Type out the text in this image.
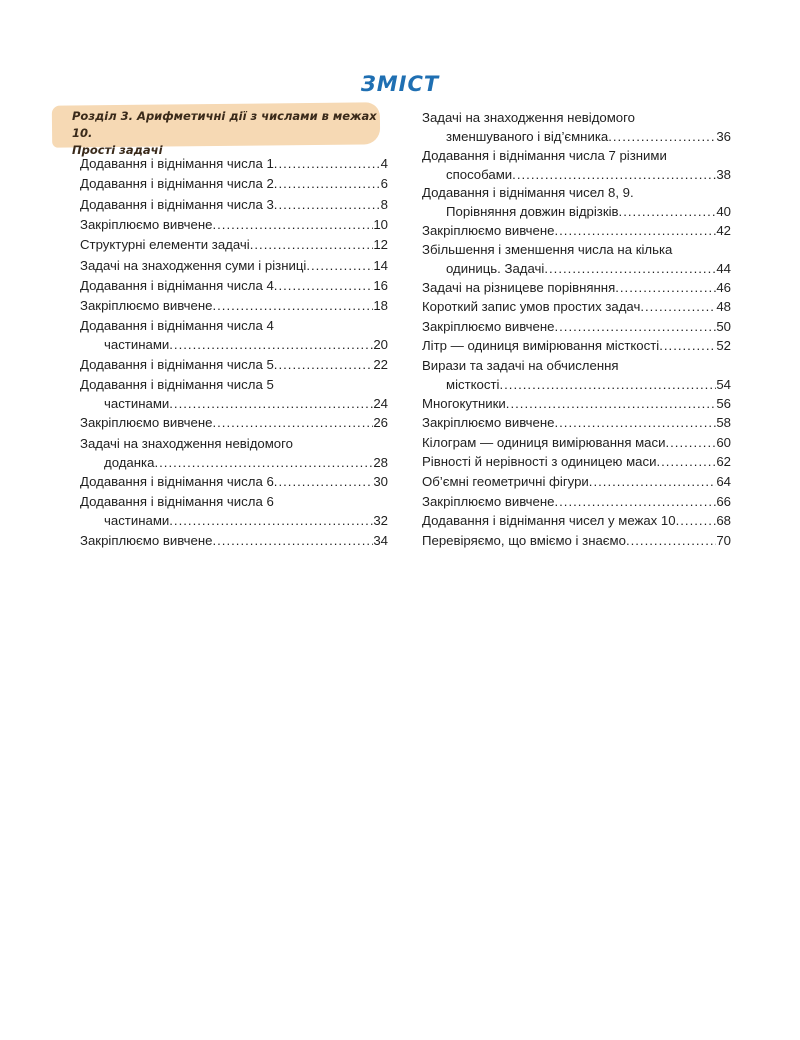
ЗМІСТ
Розділ 3. Арифметичні дії з числами в межах 10.
Прості задачі
Додавання і віднімання числа 1 .....	4
Додавання і віднімання числа 2 .....	6
Додавання і віднімання числа 3 .....	8
Закріплюємо вивчене .....	10
Структурні елементи задачі .....	12
Задачі на знаходження суми і різниці .....	14
Додавання і віднімання числа 4 .....	16
Закріплюємо вивчене .....	18
Додавання і віднімання числа 4
частинами .....	20
Додавання і віднімання числа 5 .....	22
Додавання і віднімання числа 5
частинами .....	24
Закріплюємо вивчене .....	26
Задачі на знаходження невідомого
доданка .....	28
Додавання і віднімання числа 6 .....	30
Додавання і віднімання числа 6
частинами .....	32
Закріплюємо вивчене .....	34
Задачі на знаходження невідомого
зменшуваного і від’ємника .....	36
Додавання і віднімання числа 7 різними
способами .....	38
Додавання і віднімання чисел 8, 9.
Порівняння довжин відрізків .....	40
Закріплюємо вивчене .....	42
Збільшення і зменшення числа на кілька
одиниць. Задачі .....	44
Задачі на різницеве порівняння .....	46
Короткий запис умов простих задач .....	48
Закріплюємо вивчене .....	50
Літр — одиниця вимірювання місткості .....	52
Вирази та задачі на обчислення
місткості .....	54
Многокутники .....	56
Закріплюємо вивчене .....	58
Кілограм — одиниця вимірювання маси .....	60
Рівності й нерівності з одиницею маси .....	62
Об’ємні геометричні фігури .....	64
Закріплюємо вивчене .....	66
Додавання і віднімання чисел у межах 10 .....	68
Перевіряємо, що вміємо і знаємо .....	70
